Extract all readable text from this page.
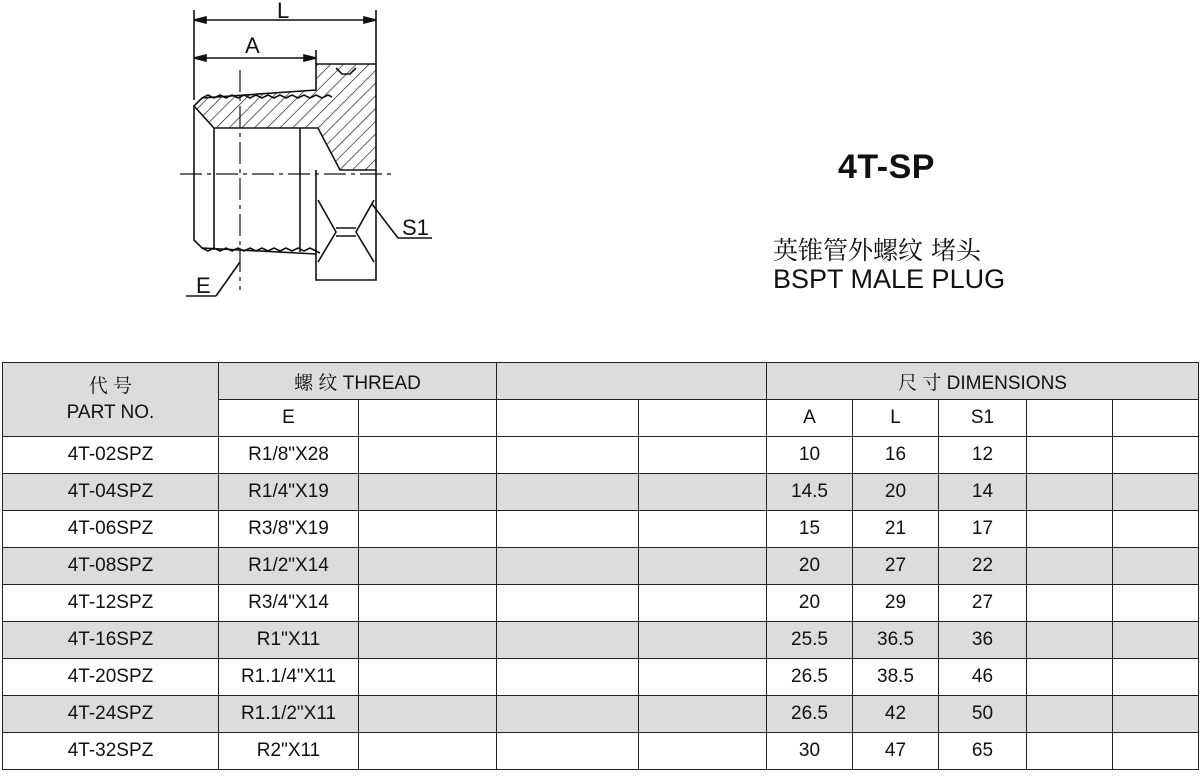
L
A
S1
E
4T-SP
英锥管外螺纹 堵头
BSPT MALE PLUG
代 号
PART NO.	螺 纹 THREAD				尺 寸 DIMENSIONS				
	E				A	L	S1		
4T-02SPZ	R1/8"X28				10	16	12		
4T-04SPZ	R1/4"X19				14.5	20	14		
4T-06SPZ	R3/8"X19				15	21	17		
4T-08SPZ	R1/2"X14				20	27	22		
4T-12SPZ	R3/4"X14				20	29	27		
4T-16SPZ	R1"X11				25.5	36.5	36		
4T-20SPZ	R1.1/4"X11				26.5	38.5	46		
4T-24SPZ	R1.1/2"X11				26.5	42	50		
4T-32SPZ	R2"X11				30	47	65		
